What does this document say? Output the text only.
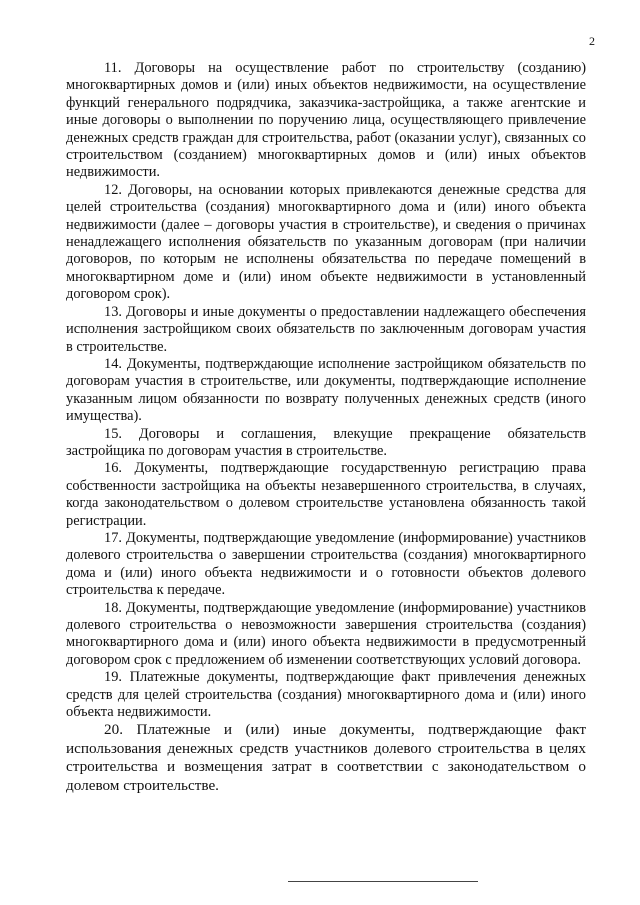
2

11. Договоры на осуществление работ по строительству (созданию) многоквартирных домов и (или) иных объектов недвижимости, на осуществление функций генерального подрядчика, заказчика-застройщика, а также агентские и иные договоры о выполнении по поручению лица, осуществляющего привлечение денежных средств граждан для строительства, работ (оказании услуг), связанных со строительством (созданием) многоквартирных домов и (или) иных объектов недвижимости.

12. Договоры, на основании которых привлекаются денежные средства для целей строительства (создания) многоквартирного дома и (или) иного объекта недвижимости (далее – договоры участия в строительстве), и сведения о причинах ненадлежащего исполнения обязательств по указанным договорам (при наличии договоров, по которым не исполнены обязательства по передаче помещений в многоквартирном доме и (или) ином объекте недвижимости в установленный договором срок).

13. Договоры и иные документы о предоставлении надлежащего обеспечения исполнения застройщиком своих обязательств по заключенным договорам участия в строительстве.

14. Документы, подтверждающие исполнение застройщиком обязательств по договорам участия в строительстве, или документы, подтверждающие исполнение указанным лицом обязанности по возврату полученных денежных средств (иного имущества).

15. Договоры и соглашения, влекущие прекращение обязательств застройщика по договорам участия в строительстве.

16. Документы, подтверждающие государственную регистрацию права собственности застройщика на объекты незавершенного строительства, в случаях, когда законодательством о долевом строительстве установлена обязанность такой регистрации.

17. Документы, подтверждающие уведомление (информирование) участников долевого строительства о завершении строительства (создания) многоквартирного дома и (или) иного объекта недвижимости и о готовности объектов долевого строительства к передаче.

18. Документы, подтверждающие уведомление (информирование) участников долевого строительства о невозможности завершения строительства (создания) многоквартирного дома и (или) иного объекта недвижимости в предусмотренный договором срок с предложением об изменении соответствующих условий договора.

19. Платежные документы, подтверждающие факт привлечения денежных средств для целей строительства (создания) многоквартирного дома и (или) иного объекта недвижимости.

20. Платежные и (или) иные документы, подтверждающие факт использования денежных средств участников долевого строительства в целях строительства и возмещения затрат в соответствии с законодательством о долевом строительстве.
